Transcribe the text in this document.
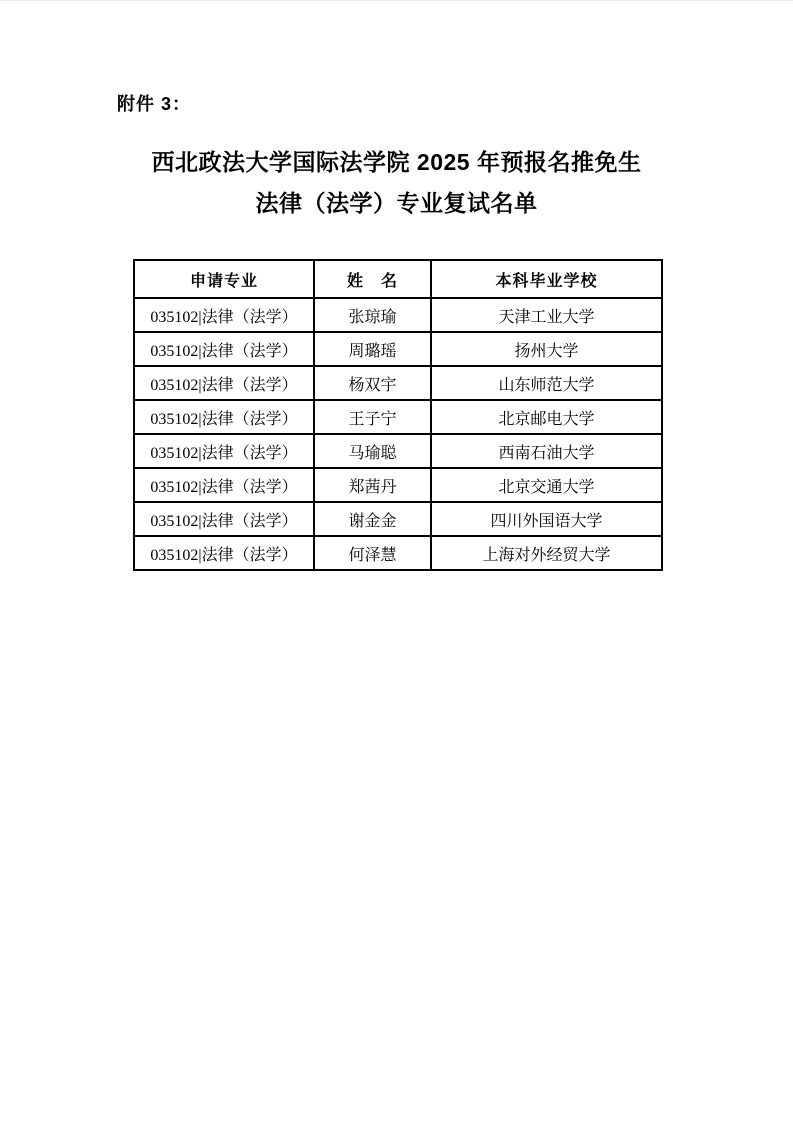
附件 3：
西北政法大学国际法学院 2025 年预报名推免生
法律（法学）专业复试名单
申请专业	姓　名	本科毕业学校
035102|法律（法学）	张琼瑜	天津工业大学
035102|法律（法学）	周璐瑶	扬州大学
035102|法律（法学）	杨双宇	山东师范大学
035102|法律（法学）	王子宁	北京邮电大学
035102|法律（法学）	马瑜聪	西南石油大学
035102|法律（法学）	郑茜丹	北京交通大学
035102|法律（法学）	谢金金	四川外国语大学
035102|法律（法学）	何泽慧	上海对外经贸大学
